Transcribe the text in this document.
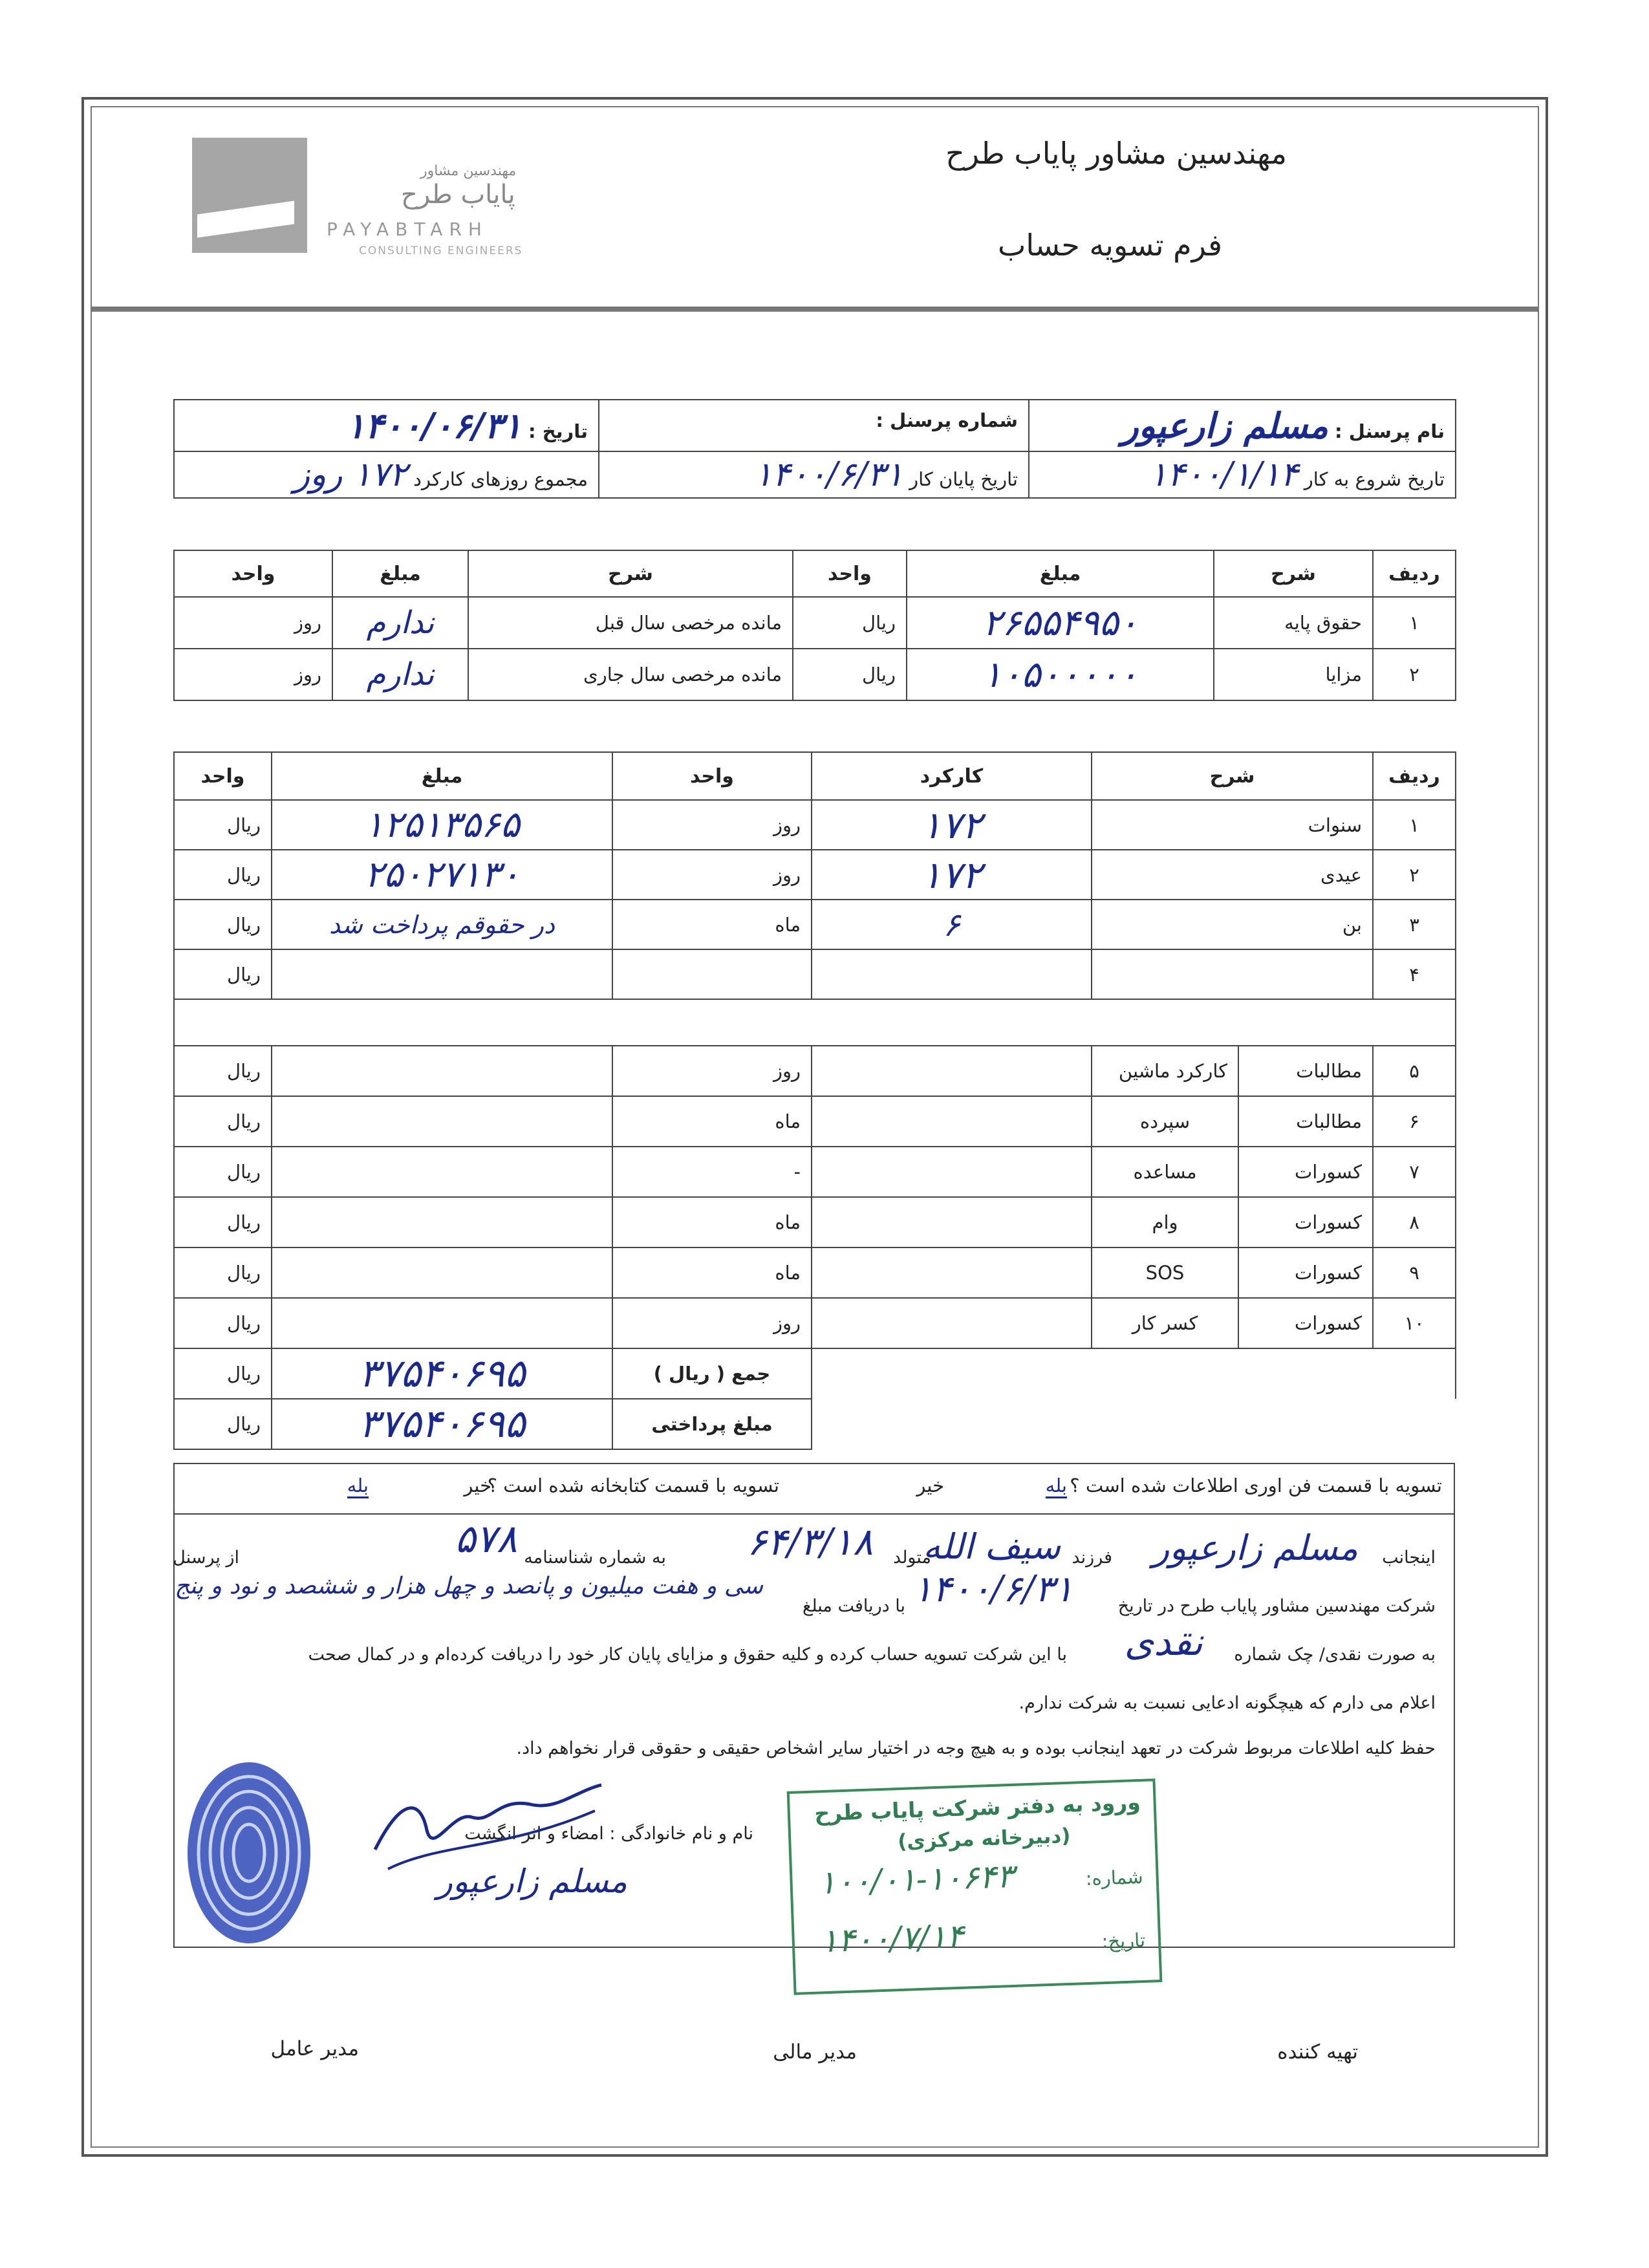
مهندسین مشاور پایاب طرح
فرم تسویه حساب
مهندسین مشاور
پایاب طرح
PAYABTARH
CONSULTING ENGINEERS
نام پرسنل : مسلم زارعپور	شماره پرسنل :	تاریخ : ۱۴۰۰/۰۶/۳۱
تاریخ شروع به کار ۱۴۰۰/۱/۱۴	تاریخ پایان کار ۱۴۰۰/۶/۳۱	مجموع روزهای کارکرد ۱۷۲ روز
ردیف	شرح	مبلغ	واحد	شرح	مبلغ	واحد
۱	حقوق پایه	۲۶۵۵۴۹۵۰	ریال	مانده مرخصی سال قبل	ندارم	روز
۲	مزایا	۱۰۵۰۰۰۰۰	ریال	مانده مرخصی سال جاری	ندارم	روز
ردیف	شرح		کارکرد	واحد	مبلغ	واحد
۱	سنوات		۱۷۲	روز	۱۲۵۱۳۵۶۵	ریال
۲	عیدی		۱۷۲	روز	۲۵۰۲۷۱۳۰	ریال
۳	بن		۶	ماه	در حقوقم پرداخت شد	ریال
۴						ریال

۵	مطالبات	کارکرد ماشین		روز		ریال
۶	مطالبات	سپرده		ماه		ریال
۷	کسورات	مساعده		-		ریال
۸	کسورات	وام		ماه		ریال
۹	کسورات	SOS		ماه		ریال
۱۰	کسورات	کسر کار		روز		ریال
				جمع ( ریال )	۳۷۵۴۰۶۹۵	ریال
				مبلغ پرداختی	۳۷۵۴۰۶۹۵	ریال
تسویه با قسمت فن اوری اطلاعات شده است ؟
بله
خیر
تسویه با قسمت کتابخانه شده است ؟
بله	خیر
اینجانب
مسلم زارعپور
فرزند
سیف الله
متولد
۶۴/۳/۱۸
به شماره شناسنامه
۵۷۸
از پرسنل
شرکت مهندسین مشاور پایاب طرح در تاریخ
۱۴۰۰/۶/۳۱
با دریافت مبلغ
سی و هفت میلیون و پانصد و چهل هزار و ششصد و نود و پنج
به صورت نقدی/ چک شماره
نقدی
با این شرکت تسویه حساب کرده و کلیه حقوق و مزایای پایان کار خود را دریافت کرده‌ام و در کمال صحت
اعلام می دارم که هیچگونه ادعایی نسبت به شرکت ندارم.
حفظ کلیه اطلاعات مربوط شرکت در تعهد اینجانب بوده و به هیچ وجه در اختیار سایر اشخاص حقیقی و حقوقی قرار نخواهم داد.
نام و نام خانوادگی : امضاء و اثر انگشت
مسلم زارعپور
ورود به دفتر شرکت پایاب طرح
(دبیرخانه مرکزی)
شماره:
۱۰۰/۰۱-۱۰۶۴۳
تاریخ:
۱۴۰۰/۷/۱۴
تهیه کننده
مدیر مالی
مدیر عامل
